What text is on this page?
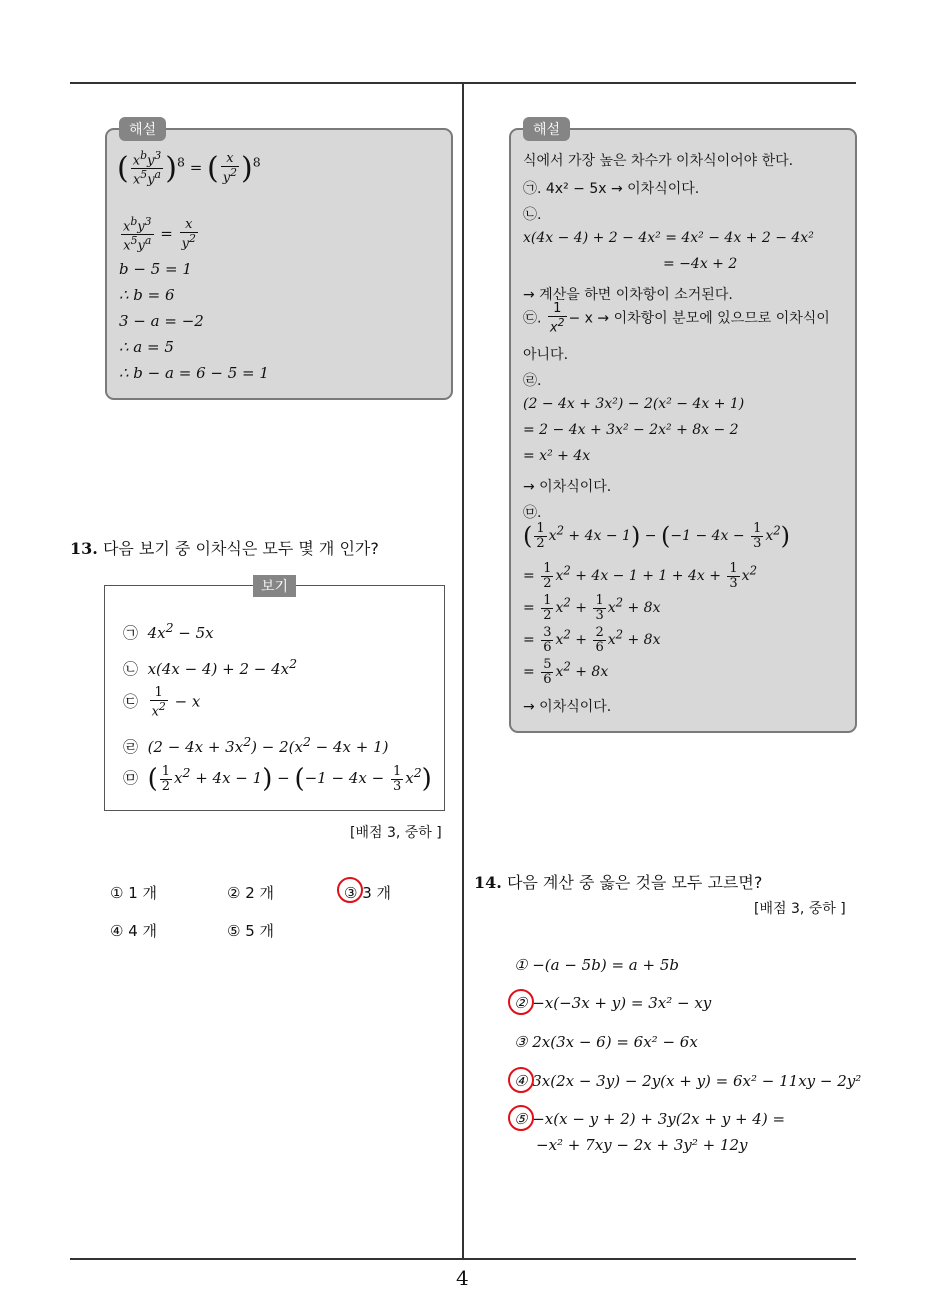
4
해설
( $\frac{x^by^3}{x^5y^a} )^8$ = ( $\frac{x}{y^2} )^8$
$\frac{x^by^3}{x^5y^a} = \frac{x}{y^2}$
b − 5 = 1
∴ b = 6
3 − a = −2
∴ a = 5
∴ b − a = 6 − 5 = 1
13. 다음 보기 중 이차식은 모두 몇 개 인가?
보기
㉠ $4x^2 - 5x$
㉡ $x(4x - 4) + 2 - 4x^2$
㉢ $\frac{1}{x^2} - x$
㉣ $(2 - 4x + 3x^2) - 2(x^2 - 4x + 1)$
㉤ ( $\frac{1}{2} x^2 + 4x - 1) - (-1 - 4x - \frac{1}{3} x^2)$
[배점 3, 중하 ]
① 1 개	② 2 개	③ 3 개
④ 4 개	⑤ 5 개
해설
식에서 가장 높은 차수가 이차식이어야 한다.
㉠. 4x² − 5x → 이차식이다.
㉡.
x(4x − 4) + 2 − 4x² = 4x² − 4x + 2 − 4x²
= −4x + 2
→ 계산을 하면 이차항이 소거된다.
㉢. $\frac{1}{x^2} - x$ → 이차항이 분모에 있으므로 이차식이
아니다.
㉣.
(2 − 4x + 3x²) − 2(x² − 4x + 1)
= 2 − 4x + 3x² − 2x² + 8x − 2
= x² + 4x
→ 이차식이다.
㉤.
( $\frac{1}{2} x^2 + 4x - 1) - (-1 - 4x - \frac{1}{3} x^2)$
= $\frac{1}{2} x^2 + 4x - 1 + 1 + 4x + \frac{1}{3} x^2$
= $\frac{1}{2} x^2 + \frac{1}{3} x^2 + 8x$
= $\frac{3}{6} x^2 + \frac{2}{6} x^2 + 8x$
= $\frac{5}{6} x^2 + 8x$
→ 이차식이다.
14. 다음 계산 중 옳은 것을 모두 고르면?
[배점 3, 중하 ]
① −(a − 5b) = a + 5b
② −x(−3x + y) = 3x² − xy
③ 2x(3x − 6) = 6x² − 6x
④ 3x(2x − 3y) − 2y(x + y) = 6x² − 11xy − 2y²
⑤ −x(x − y + 2) + 3y(2x + y + 4) =
−x² + 7xy − 2x + 3y² + 12y
